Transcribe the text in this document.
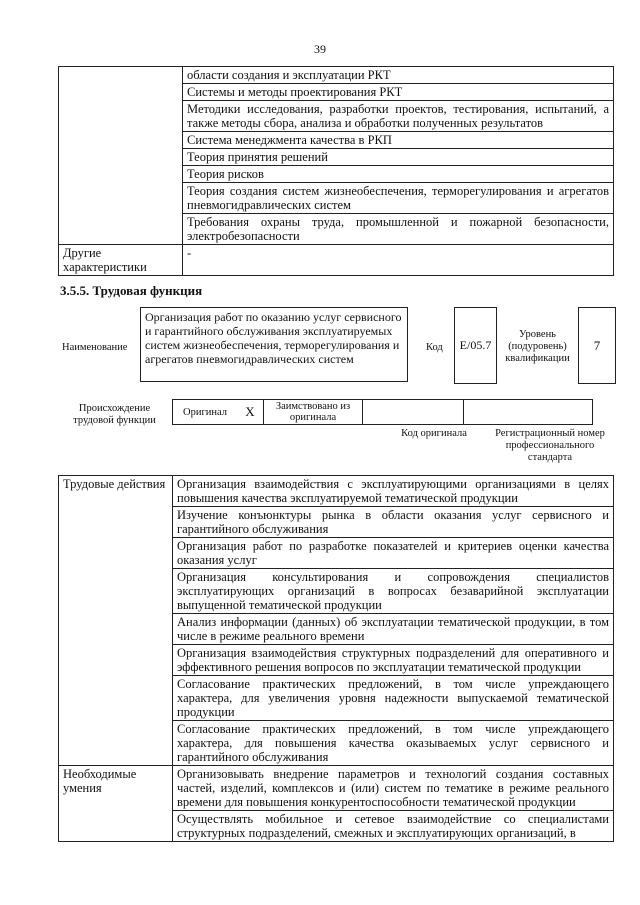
39
	области создания и эксплуатации РКТ
	Системы и методы проектирования РКТ
	Методики исследования, разработки проектов, тестирования, испытаний, а также методы сбора, анализа и обработки полученных результатов
	Система менеджмента качества в РКП
	Теория принятия решений
	Теория рисков
	Теория создания систем жизнеобеспечения, терморегулирования и агрегатов пневмогидравлических систем
	Требования охраны труда, промышленной и пожарной безопасности, электробезопасности
Другие характеристики	-
3.5.5. Трудовая функция
Наименование
Организация работ по оказанию услуг сервисного и гарантийного обслуживания эксплуатируемых систем жизнеобеспечения, терморегулирования и агрегатов пневмогидравлических систем
Код	E/05.7
Уровень (подуровень) квалификации
7
Происхождение трудовой функции
Оригинал	X	Заимствовано из оригинала		
Код оригинала	Регистрационный номер профессионального стандарта
Трудовые действия	Организация взаимодействия с эксплуатирующими организациями в целях повышения качества эксплуатируемой тематической продукции
	Изучение конъюнктуры рынка в области оказания услуг сервисного и гарантийного обслуживания
	Организация работ по разработке показателей и критериев оценки качества оказания услуг
	Организация консультирования и сопровождения специалистов эксплуатирующих организаций в вопросах безаварийной эксплуатации выпущенной тематической продукции
	Анализ информации (данных) об эксплуатации тематической продукции, в том числе в режиме реального времени
	Организация взаимодействия структурных подразделений для оперативного и эффективного решения вопросов по эксплуатации тематической продукции
	Согласование практических предложений, в том числе упреждающего характера, для увеличения уровня надежности выпускаемой тематической продукции
	Согласование практических предложений, в том числе упреждающего характера, для повышения качества оказываемых услуг сервисного и гарантийного обслуживания
Необходимые умения	Организовывать внедрение параметров и технологий создания составных частей, изделий, комплексов и (или) систем по тематике в режиме реального времени для повышения конкурентоспособности тематической продукции
	Осуществлять мобильное и сетевое взаимодействие со специалистами структурных подразделений, смежных и эксплуатирующих организаций, в
